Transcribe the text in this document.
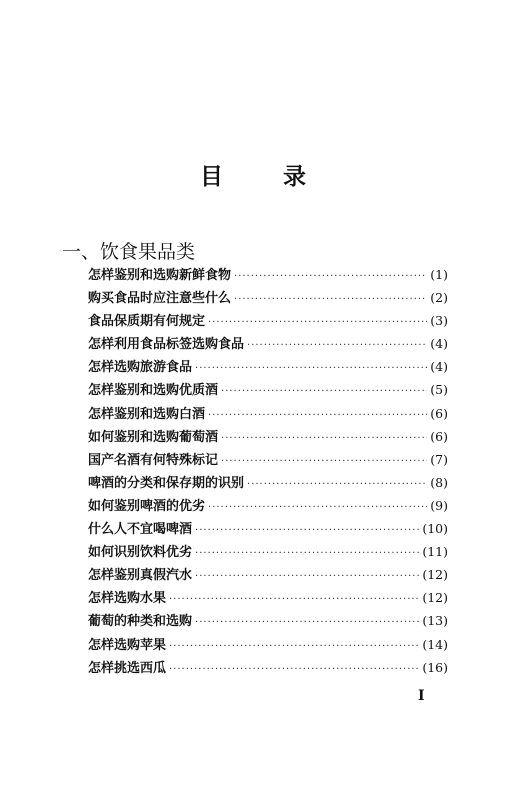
目 录
一、饮食果品类
怎样鉴别和选购新鲜食物 ·····	(1)
购买食品时应注意些什么 ·····	(2)
食品保质期有何规定 ·····	(3)
怎样利用食品标签选购食品 ·····	(4)
怎样选购旅游食品 ·····	(4)
怎样鉴别和选购优质酒 ·····	(5)
怎样鉴别和选购白酒 ·····	(6)
如何鉴别和选购葡萄酒 ·····	(6)
国产名酒有何特殊标记 ·····	(7)
啤酒的分类和保存期的识别 ·····	(8)
如何鉴别啤酒的优劣 ·····	(9)
什么人不宜喝啤酒 ·····	(10)
如何识别饮料优劣 ·····	(11)
怎样鉴别真假汽水 ·····	(12)
怎样选购水果 ·····	(12)
葡萄的种类和选购 ·····	(13)
怎样选购苹果 ·····	(14)
怎样挑选西瓜 ·····	(16)
I
